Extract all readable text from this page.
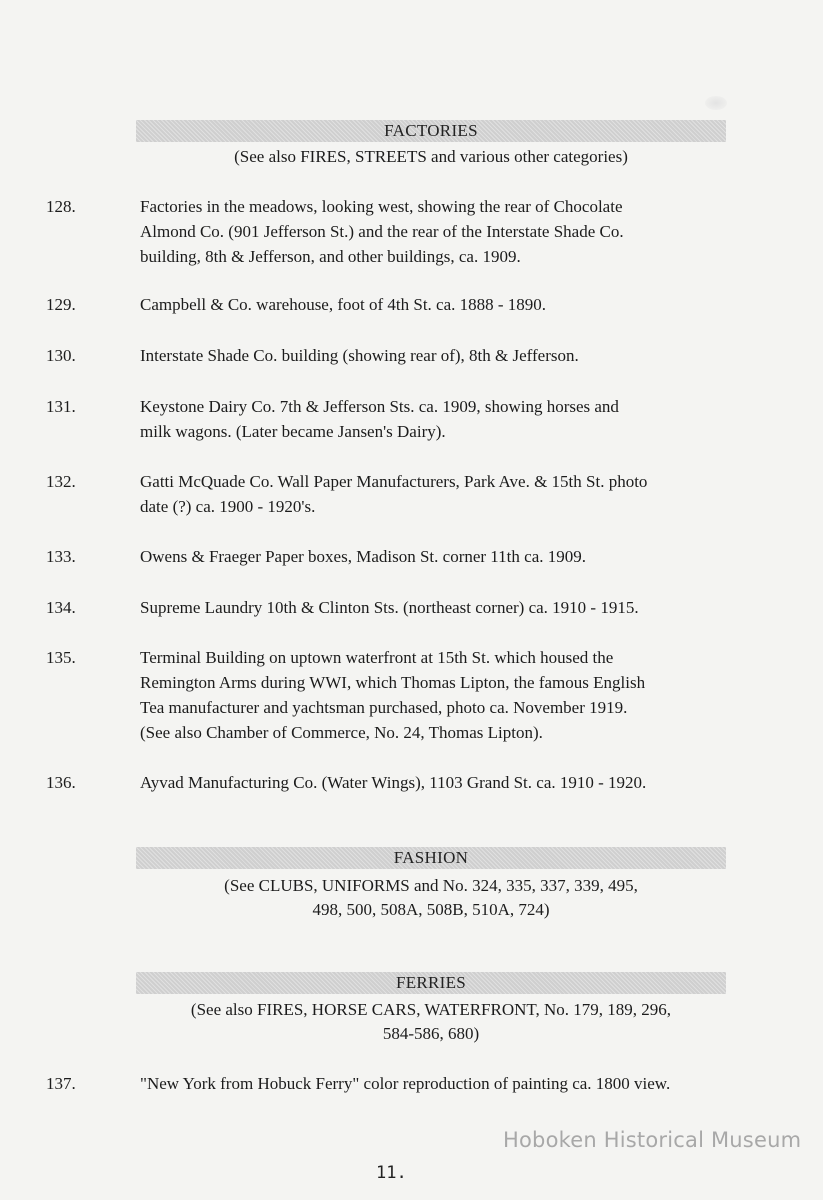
FACTORIES
(See also FIRES, STREETS and various other categories)
128.	Factories in the meadows, looking west, showing the rear of Chocolate
Almond Co. (901 Jefferson St.) and the rear of the Interstate Shade Co.
building, 8th & Jefferson, and other buildings, ca. 1909.
129.	Campbell & Co. warehouse, foot of 4th St. ca. 1888 - 1890.
130.	Interstate Shade Co. building (showing rear of), 8th & Jefferson.
131.	Keystone Dairy Co. 7th & Jefferson Sts. ca. 1909, showing horses and
milk wagons. (Later became Jansen's Dairy).
132.	Gatti McQuade Co. Wall Paper Manufacturers, Park Ave. & 15th St. photo
date (?) ca. 1900 - 1920's.
133.	Owens & Fraeger Paper boxes, Madison St. corner 11th ca. 1909.
134.	Supreme Laundry 10th & Clinton Sts. (northeast corner) ca. 1910 - 1915.
135.	Terminal Building on uptown waterfront at 15th St. which housed the
Remington Arms during WWI, which Thomas Lipton, the famous English
Tea manufacturer and yachtsman purchased, photo ca. November 1919.
(See also Chamber of Commerce, No. 24, Thomas Lipton).
136.	Ayvad Manufacturing Co. (Water Wings), 1103 Grand St. ca. 1910 - 1920.
FASHION
(See CLUBS, UNIFORMS and No. 324, 335, 337, 339, 495,
498, 500, 508A, 508B, 510A, 724)
FERRIES
(See also FIRES, HORSE CARS, WATERFRONT, No. 179, 189, 296,
584-586, 680)
137.	"New York from Hobuck Ferry" color reproduction of painting ca. 1800 view.
Hoboken Historical Museum
11.
